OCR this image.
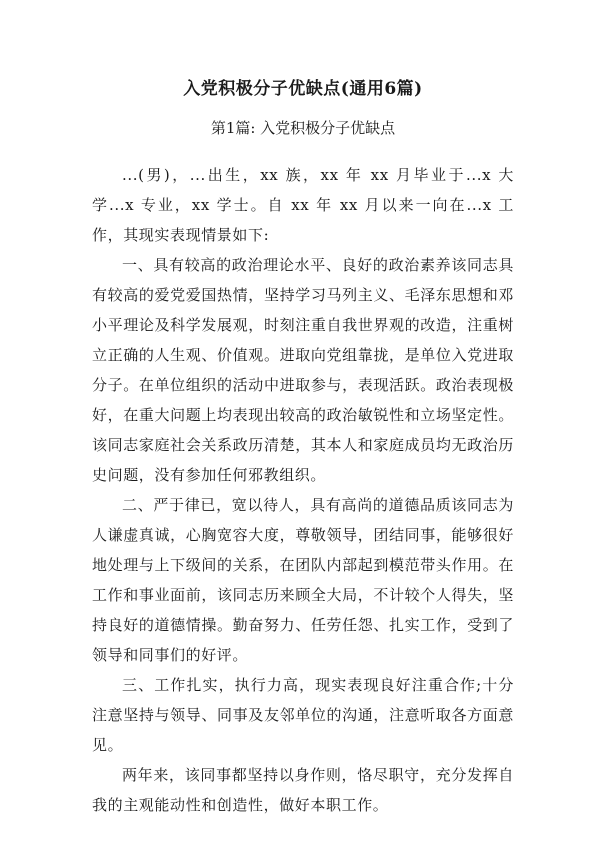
入党积极分子优缺点(通用6篇)
第1篇: 入党积极分子优缺点

...(男)，...出生，xx 族，xx 年 xx 月毕业于...x 大学...x 专业，xx 学士。自 xx 年 xx 月以来一向在...x 工作，其现实表现情景如下:

一、具有较高的政治理论水平、良好的政治素养该同志具有较高的爱党爱国热情，坚持学习马列主义、毛泽东思想和邓小平理论及科学发展观，时刻注重自我世界观的改造，注重树立正确的人生观、价值观。进取向党组靠拢，是单位入党进取分子。在单位组织的活动中进取参与，表现活跃。政治表现极好，在重大问题上均表现出较高的政治敏锐性和立场坚定性。该同志家庭社会关系政历清楚，其本人和家庭成员均无政治历史问题，没有参加任何邪教组织。

二、严于律已，宽以待人，具有高尚的道德品质该同志为人谦虚真诚，心胸宽容大度，尊敬领导，团结同事，能够很好地处理与上下级间的关系，在团队内部起到模范带头作用。在工作和事业面前，该同志历来顾全大局，不计较个人得失，坚持良好的道德情操。勤奋努力、任劳任怨、扎实工作，受到了领导和同事们的好评。

三、工作扎实，执行力高，现实表现良好注重合作;十分注意坚持与领导、同事及友邻单位的沟通，注意听取各方面意见。

两年来，该同事都坚持以身作则，恪尽职守，充分发挥自我的主观能动性和创造性，做好本职工作。
